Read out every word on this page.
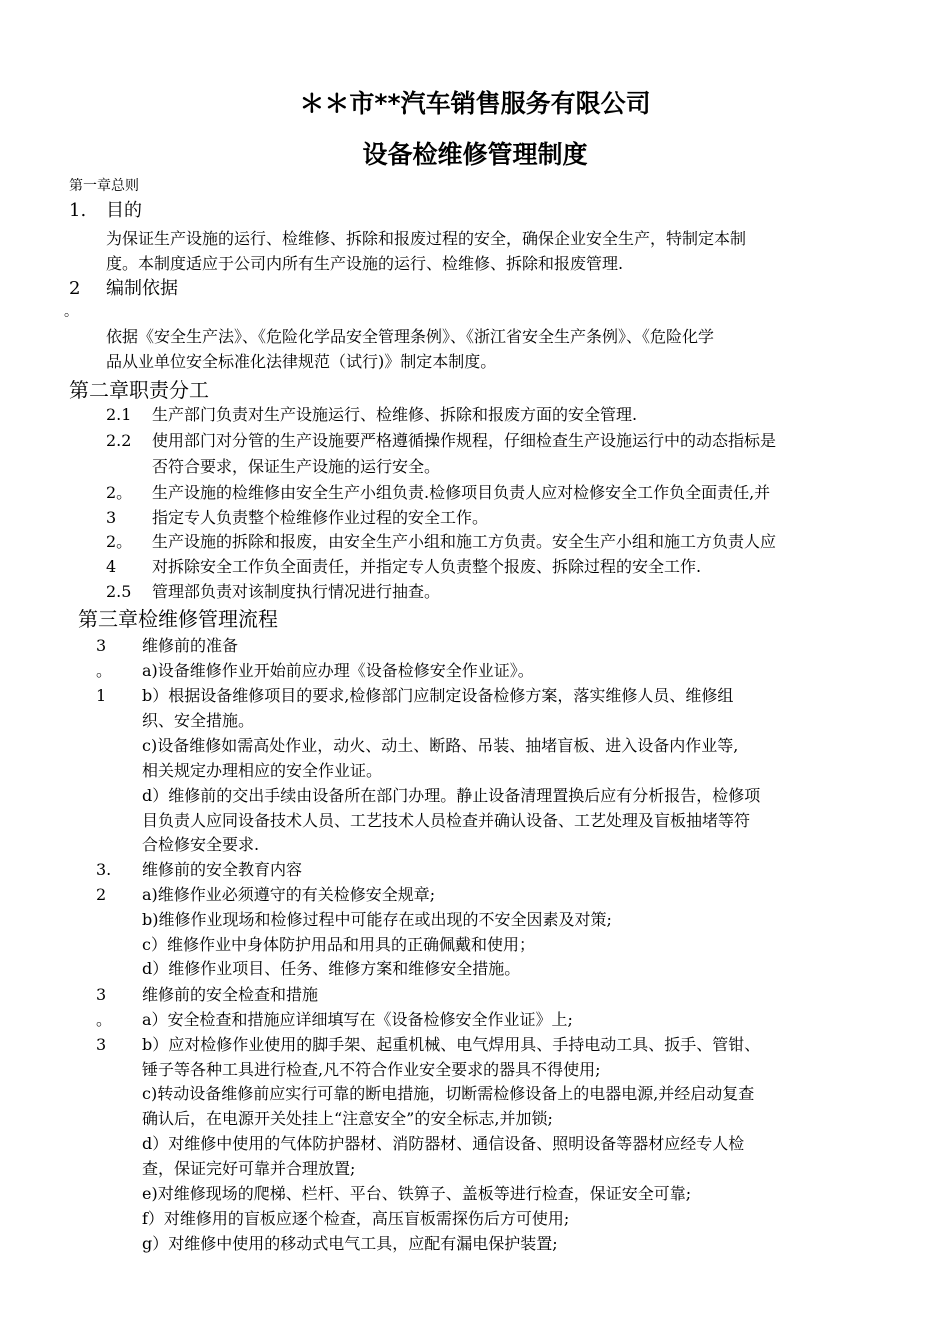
＊＊市**汽车销售服务有限公司
设备检维修管理制度
第一章总则
1. 目的
为保证生产设施的运行、检维修、拆除和报废过程的安全，确保企业安全生产，特制定本制
度。本制度适应于公司内所有生产设施的运行、检维修、拆除和报废管理.
2 编制依据
。
依据《安全生产法》、《危险化学品安全管理条例》、《浙江省安全生产条例》、《危险化学
品从业单位安全标准化法律规范（试行)》制定本制度。
第二章职责分工
2.1 生产部门负责对生产设施运行、检维修、拆除和报废方面的安全管理.
2.2 使用部门对分管的生产设施要严格遵循操作规程，仔细检查生产设施运行中的动态指标是
否符合要求，保证生产设施的运行安全。
2。
3
生产设施的检维修由安全生产小组负责.检修项目负责人应对检修安全工作负全面责任,并
指定专人负责整个检维修作业过程的安全工作。
2。
4
生产设施的拆除和报废，由安全生产小组和施工方负责。安全生产小组和施工方负责人应
对拆除安全工作负全面责任，并指定专人负责整个报废、拆除过程的安全工作.
2.5 管理部负责对该制度执行情况进行抽查。
第三章检维修管理流程
3
。
1
维修前的准备
a)设备维修作业开始前应办理《设备检修安全作业证》。
b）根据设备维修项目的要求,检修部门应制定设备检修方案，落实维修人员、维修组
织、安全措施。
c)设备维修如需高处作业，动火、动土、断路、吊装、抽堵盲板、进入设备内作业等,
相关规定办理相应的安全作业证。
d）维修前的交出手续由设备所在部门办理。静止设备清理置换后应有分析报告，检修项
目负责人应同设备技术人员、工艺技术人员检查并确认设备、工艺处理及盲板抽堵等符
合检修安全要求.
3.
2
维修前的安全教育内容
a)维修作业必须遵守的有关检修安全规章;
b)维修作业现场和检修过程中可能存在或出现的不安全因素及对策;
c）维修作业中身体防护用品和用具的正确佩戴和使用；
d）维修作业项目、任务、维修方案和维修安全措施。
3
。
3
维修前的安全检查和措施
a）安全检查和措施应详细填写在《设备检修安全作业证》上;
b）应对检修作业使用的脚手架、起重机械、电气焊用具、手持电动工具、扳手、管钳、
锤子等各种工具进行检查,凡不符合作业安全要求的器具不得使用;
c)转动设备维修前应实行可靠的断电措施，切断需检修设备上的电器电源,并经启动复查
确认后，在电源开关处挂上“注意安全”的安全标志,并加锁;
d）对维修中使用的气体防护器材、消防器材、通信设备、照明设备等器材应经专人检
查，保证完好可靠并合理放置;
e)对维修现场的爬梯、栏杆、平台、铁箅子、盖板等进行检查，保证安全可靠;
f）对维修用的盲板应逐个检查，高压盲板需探伤后方可使用;
g）对维修中使用的移动式电气工具，应配有漏电保护装置;
